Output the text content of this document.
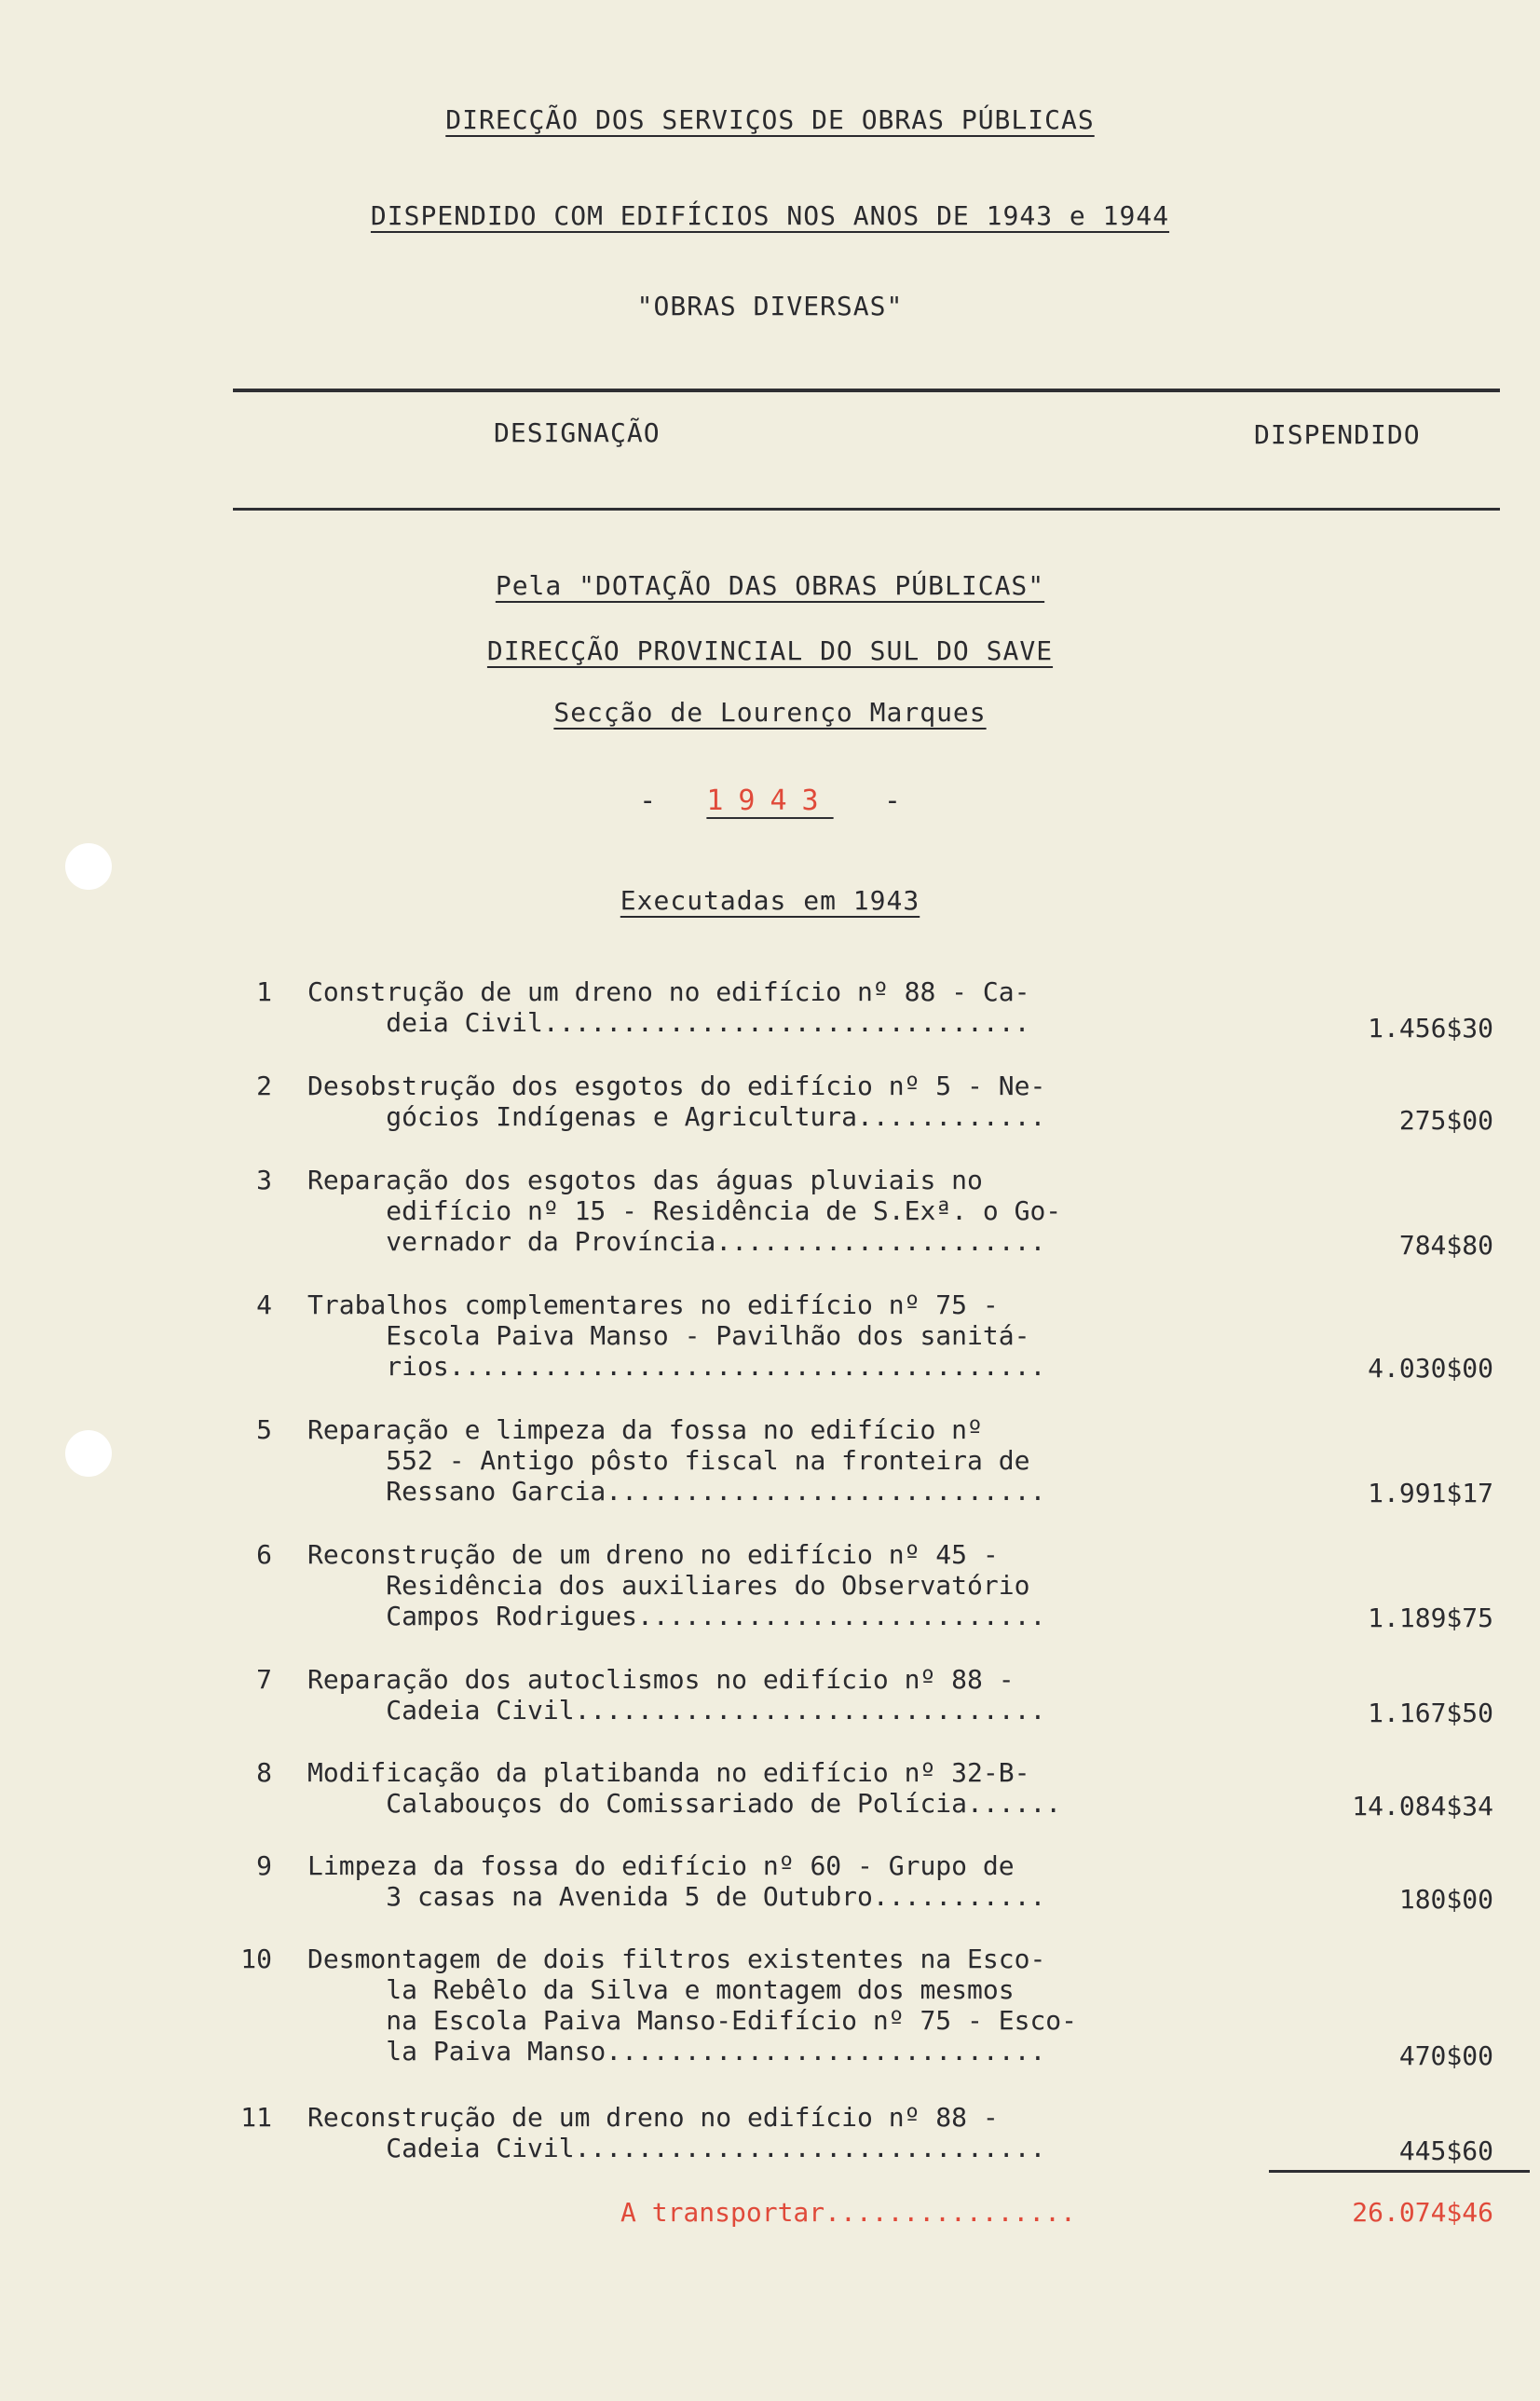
DIRECÇÃO DOS SERVIÇOS DE OBRAS PÚBLICAS
DISPENDIDO COM EDIFÍCIOS NOS ANOS DE 1943 e 1944
"OBRAS DIVERSAS"
DESIGNAÇÃO	DISPENDIDO
Pela "DOTAÇÃO DAS OBRAS PÚBLICAS"
DIRECÇÃO PROVINCIAL DO SUL DO SAVE
Secção de Lourenço Marques
- 1943 -
Executadas em 1943
1 Construção de um dreno no edifício nº 88 - Ca-
deia Civil...............................	1.456$30
2 Desobstrução dos esgotos do edifício nº 5 - Ne-
gócios Indígenas e Agricultura............	275$00
3 Reparação dos esgotos das águas pluviais no
edifício nº 15 - Residência de S.Exª. o Go-
vernador da Província.....................	784$80
4 Trabalhos complementares no edifício nº 75 -
Escola Paiva Manso - Pavilhão dos sanitá-
rios......................................	4.030$00
5 Reparação e limpeza da fossa no edifício nº
552 - Antigo pôsto fiscal na fronteira de
Ressano Garcia............................	1.991$17
6 Reconstrução de um dreno no edifício nº 45 -
Residência dos auxiliares do Observatório
Campos Rodrigues..........................	1.189$75
7 Reparação dos autoclismos no edifício nº 88 -
Cadeia Civil..............................	1.167$50
8 Modificação da platibanda no edifício nº 32-B-
Calabouços do Comissariado de Polícia......	14.084$34
9 Limpeza da fossa do edifício nº 60 - Grupo de
3 casas na Avenida 5 de Outubro...........	180$00
10 Desmontagem de dois filtros existentes na Esco-
la Rebêlo da Silva e montagem dos mesmos
na Escola Paiva Manso-Edifício nº 75 - Esco-
la Paiva Manso............................	470$00
11 Reconstrução de um dreno no edifício nº 88 -
Cadeia Civil..............................	445$60
A transportar................	26.074$46
